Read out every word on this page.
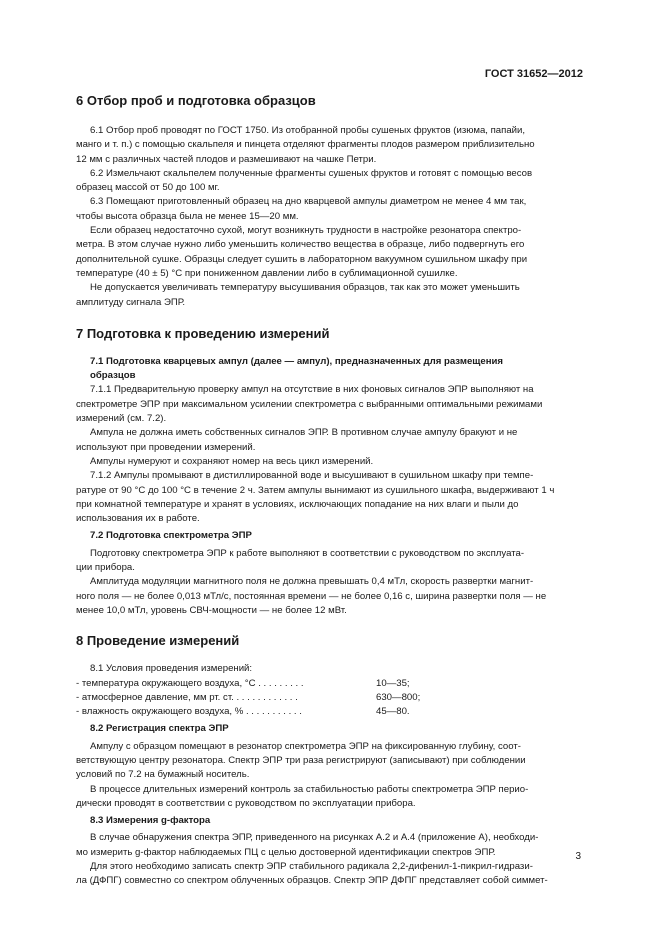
ГОСТ 31652—2012
6 Отбор проб и подготовка образцов
6.1 Отбор проб проводят по ГОСТ 1750. Из отобранной пробы сушеных фруктов (изюма, папайи,
манго и т. п.) с помощью скальпеля и пинцета отделяют фрагменты плодов размером приблизительно
12 мм с различных частей плодов и размешивают на чашке Петри.
6.2 Измельчают скальпелем полученные фрагменты сушеных фруктов и готовят с помощью весов
образец массой от 50 до 100 мг.
6.3 Помещают приготовленный образец на дно кварцевой ампулы диаметром не менее 4 мм так,
чтобы высота образца была не менее 15—20 мм.
Если образец недостаточно сухой, могут возникнуть трудности в настройке резонатора спектро-
метра. В этом случае нужно либо уменьшить количество вещества в образце, либо подвергнуть его
дополнительной сушке. Образцы следует сушить в лабораторном вакуумном сушильном шкафу при
температуре (40 ± 5) °С при пониженном давлении либо в сублимационной сушилке.
Не допускается увеличивать температуру высушивания образцов, так как это может уменьшить
амплитуду сигнала ЭПР.
7 Подготовка к проведению измерений
7.1 Подготовка кварцевых ампул (далее — ампул), предназначенных для размещения
образцов
7.1.1 Предварительную проверку ампул на отсутствие в них фоновых сигналов ЭПР выполняют на
спектрометре ЭПР при максимальном усилении спектрометра с выбранными оптимальными режимами
измерений (см. 7.2).
Ампула не должна иметь собственных сигналов ЭПР. В противном случае ампулу бракуют и не
используют при проведении измерений.
Ампулы нумеруют и сохраняют номер на весь цикл измерений.
7.1.2 Ампулы промывают в дистиллированной воде и высушивают в сушильном шкафу при темпе-
ратуре от 90 °С до 100 °С в течение 2 ч. Затем ампулы вынимают из сушильного шкафа, выдерживают 1 ч
при комнатной температуре и хранят в условиях, исключающих попадание на них влаги и пыли до
использования их в работе.
7.2 Подготовка спектрометра ЭПР
Подготовку спектрометра ЭПР к работе выполняют в соответствии с руководством по эксплуата-
ции прибора.
Амплитуда модуляции магнитного поля не должна превышать 0,4 мТл, скорость развертки магнит-
ного поля — не более 0,013 мТл/с, постоянная времени — не более 0,16 с, ширина развертки поля — не
менее 10,0 мТл, уровень СВЧ-мощности — не более 12 мВт.
8 Проведение измерений
8.1 Условия проведения измерений:
- температура окружающего воздуха, °С . . . . . . . . .	10—35;
- атмосферное давление, мм рт. ст. . . . . . . . . . . . .	630—800;
- влажность окружающего воздуха, % . . . . . . . . . . .	45—80.
8.2 Регистрация спектра ЭПР
Ампулу с образцом помещают в резонатор спектрометра ЭПР на фиксированную глубину, соот-
ветствующую центру резонатора. Спектр ЭПР три раза регистрируют (записывают) при соблюдении
условий по 7.2 на бумажный носитель.
В процессе длительных измерений контроль за стабильностью работы спектрометра ЭПР перио-
дически проводят в соответствии с руководством по эксплуатации прибора.
8.3 Измерения g-фактора
В случае обнаружения спектра ЭПР, приведенного на рисунках А.2 и А.4 (приложение А), необходи-
мо измерить g-фактор наблюдаемых ПЦ с целью достоверной идентификации спектров ЭПР.
Для этого необходимо записать спектр ЭПР стабильного радикала 2,2-дифенил-1-пикрил-гидрази-
ла (ДФПГ) совместно со спектром облученных образцов. Спектр ЭПР ДФПГ представляет собой симмет-
3
